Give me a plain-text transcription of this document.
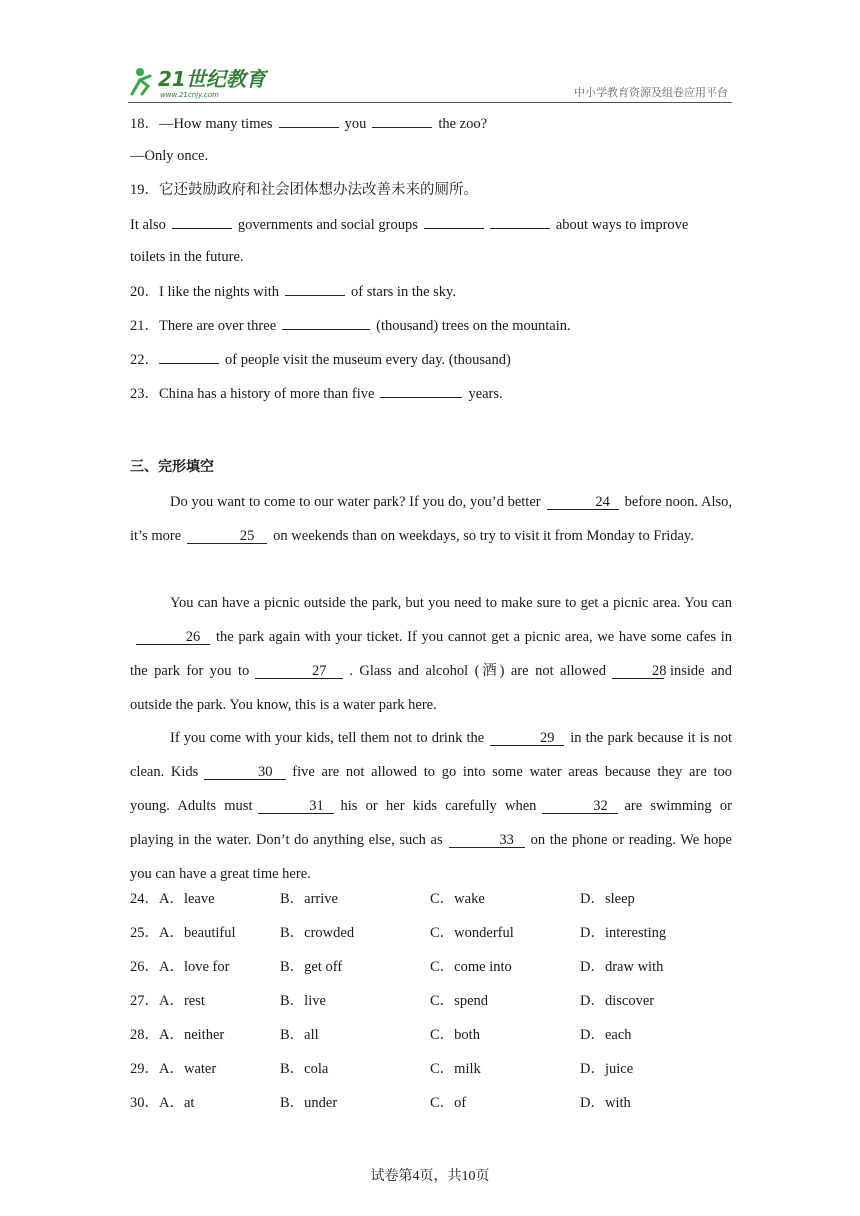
21世纪教育
www.21cnjy.com	中小学教育资源及组卷应用平台
18．—How many times	you	the zoo?
—Only once.
19．它还鼓励政府和社会团体想办法改善未来的厕所。
It also	governments and social groups	about ways to improve
toilets in the future.
20．I like the nights with	of stars in the sky.
21．There are over three	(thousand) trees on the mountain.
22．	of people visit the museum every day. (thousand)
23．China has a history of more than five	years.
三、完形填空
Do you want to come to our water park? If you do, you’d better	24 before noon. Also, it’s more	25 on weekends than on weekdays, so try to visit it from Monday to Friday.
You can have a picnic outside the park, but you need to make sure to get a picnic area. You can26 the park again with your ticket. If you cannot get a picnic area, we have some cafes in the park for you to	27 . Glass and alcohol (酒) are not allowed	28 inside and outside the park. You know, this is a water park here.
If you come with your kids, tell them not to drink the	29 in the park because it is not clean. Kids	30 five are not allowed to go into some water areas because they are too young. Adults must	31 his or her kids carefully when	32 are swimming or playing in the water. Don’t do anything else, such as	33 on the phone or reading. We hope you can have a great time here.
24．A．leave	B．arrive	C．wake	D．sleep
25．A．beautiful	B．crowded	C．wonderful	D．interesting
26．A．love for	B．get off	C．come into	D．draw with
27．A．rest	B．live	C．spend	D．discover
28．A．neither	B．all	C．both	D．each
29．A．water	B．cola	C．milk	D．juice
30．A．at	B．under	C．of	D．with
试卷第4页，共10页
